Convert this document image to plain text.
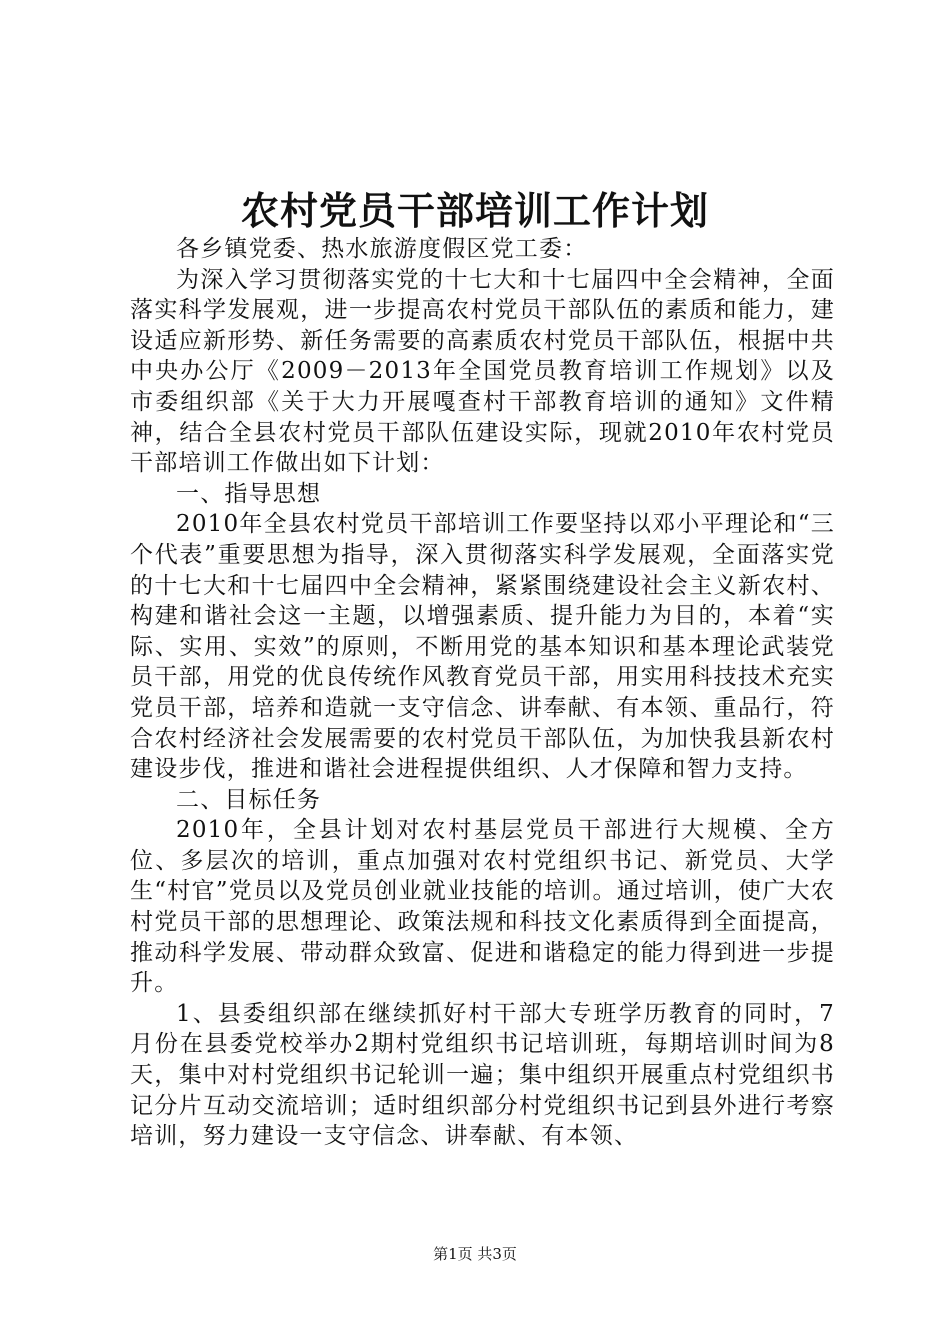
农村党员干部培训工作计划

各乡镇党委、热水旅游度假区党工委：

为深入学习贯彻落实党的十七大和十七届四中全会精神，全面落实科学发展观，进一步提高农村党员干部队伍的素质和能力，建设适应新形势、新任务需要的高素质农村党员干部队伍，根据中共中央办公厅《2009－2013年全国党员教育培训工作规划》以及市委组织部《关于大力开展嘎查村干部教育培训的通知》文件精神，结合全县农村党员干部队伍建设实际，现就2010年农村党员干部培训工作做出如下计划：

一、指导思想

2010年全县农村党员干部培训工作要坚持以邓小平理论和“三个代表”重要思想为指导，深入贯彻落实科学发展观，全面落实党的十七大和十七届四中全会精神，紧紧围绕建设社会主义新农村、构建和谐社会这一主题，以增强素质、提升能力为目的，本着“实际、实用、实效”的原则，不断用党的基本知识和基本理论武装党员干部，用党的优良传统作风教育党员干部，用实用科技技术充实党员干部，培养和造就一支守信念、讲奉献、有本领、重品行，符合农村经济社会发展需要的农村党员干部队伍，为加快我县新农村建设步伐，推进和谐社会进程提供组织、人才保障和智力支持。

二、目标任务

2010年，全县计划对农村基层党员干部进行大规模、全方位、多层次的培训，重点加强对农村党组织书记、新党员、大学生“村官”党员以及党员创业就业技能的培训。通过培训，使广大农村党员干部的思想理论、政策法规和科技文化素质得到全面提高，推动科学发展、带动群众致富、促进和谐稳定的能力得到进一步提升。

1、县委组织部在继续抓好村干部大专班学历教育的同时，7月份在县委党校举办2期村党组织书记培训班，每期培训时间为8天，集中对村党组织书记轮训一遍；集中组织开展重点村党组织书记分片互动交流培训；适时组织部分村党组织书记到县外进行考察培训，努力建设一支守信念、讲奉献、有本领、

第1页 共3页
